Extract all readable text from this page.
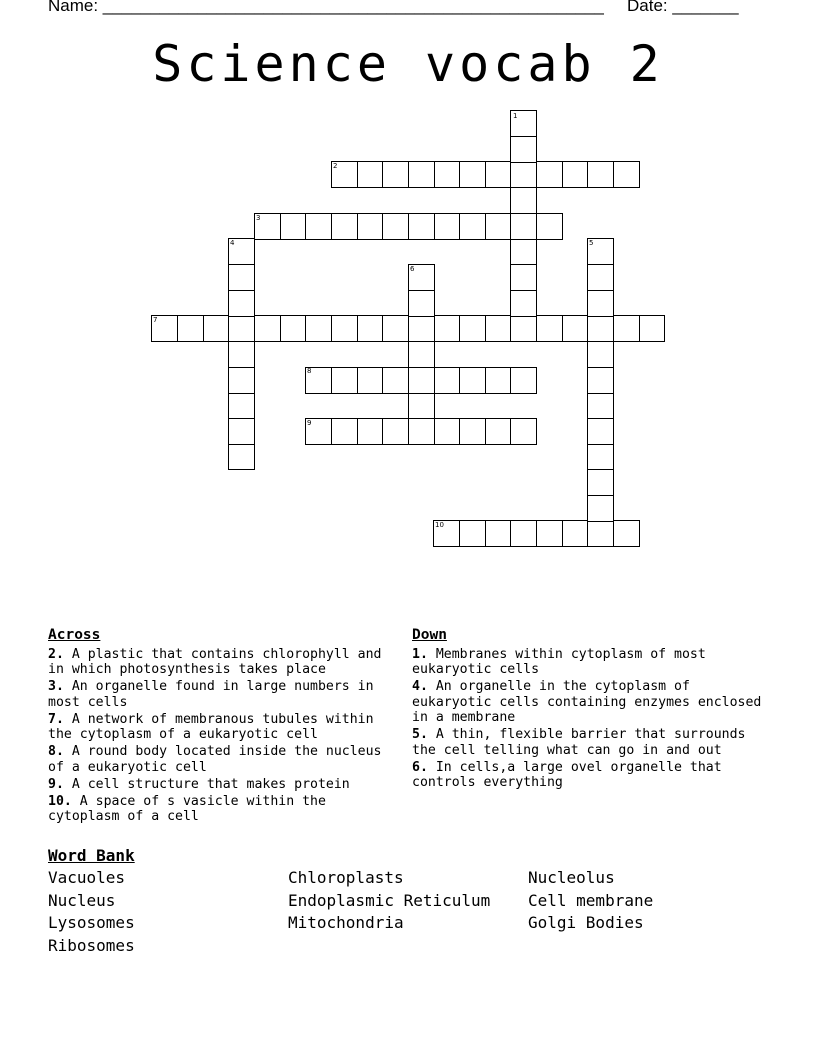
Name: _____________________________________________________ Date: _______
Science vocab 2
1
2
3
4	5
6
7
8
9
10
Across
2. A plastic that contains chlorophyll and in which photosynthesis takes place
3. An organelle found in large numbers in most cells
7. A network of membranous tubules within the cytoplasm of a eukaryotic cell
8. A round body located inside the nucleus of a eukaryotic cell
9. A cell structure that makes protein
10. A space of s vasicle within the cytoplasm of a cell
Down
1. Membranes within cytoplasm of most eukaryotic cells
4. An organelle in the cytoplasm of eukaryotic cells containing enzymes enclosed in a membrane
5. A thin, flexible barrier that surrounds the cell telling what can go in and out
6. In cells,a large ovel organelle that controls everything
Word Bank
Vacuoles	Chloroplasts	Nucleolus
Nucleus	Endoplasmic Reticulum	Cell membrane
Lysosomes	Mitochondria	Golgi Bodies
Ribosomes
